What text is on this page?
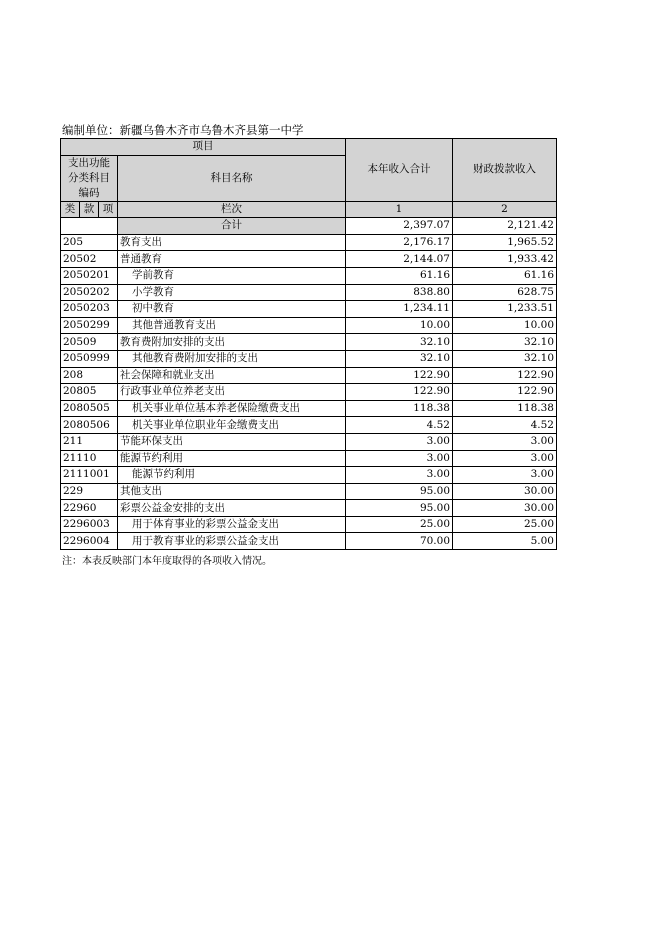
编制单位：新疆乌鲁木齐市乌鲁木齐县第一中学
项目				本年收入合计	财政拨款收入
支出功能分类科目编码			科目名称		

类	款	项			
			栏次	1	2
			合计	2,397.07	2,121.42
205			教育支出	2,176.17	1,965.52
20502			普通教育	2,144.07	1,933.42
2050201			学前教育	61.16	61.16
2050202			小学教育	838.80	628.75
2050203			初中教育	1,234.11	1,233.51
2050299			其他普通教育支出	10.00	10.00
20509			教育费附加安排的支出	32.10	32.10
2050999			其他教育费附加安排的支出	32.10	32.10
208			社会保障和就业支出	122.90	122.90
20805			行政事业单位养老支出	122.90	122.90
2080505			机关事业单位基本养老保险缴费支出	118.38	118.38
2080506			机关事业单位职业年金缴费支出	4.52	4.52
211			节能环保支出	3.00	3.00
21110			能源节约利用	3.00	3.00
2111001			能源节约利用	3.00	3.00
229			其他支出	95.00	30.00
22960			彩票公益金安排的支出	95.00	30.00
2296003			用于体育事业的彩票公益金支出	25.00	25.00
2296004			用于教育事业的彩票公益金支出	70.00	5.00
注：本表反映部门本年度取得的各项收入情况。
